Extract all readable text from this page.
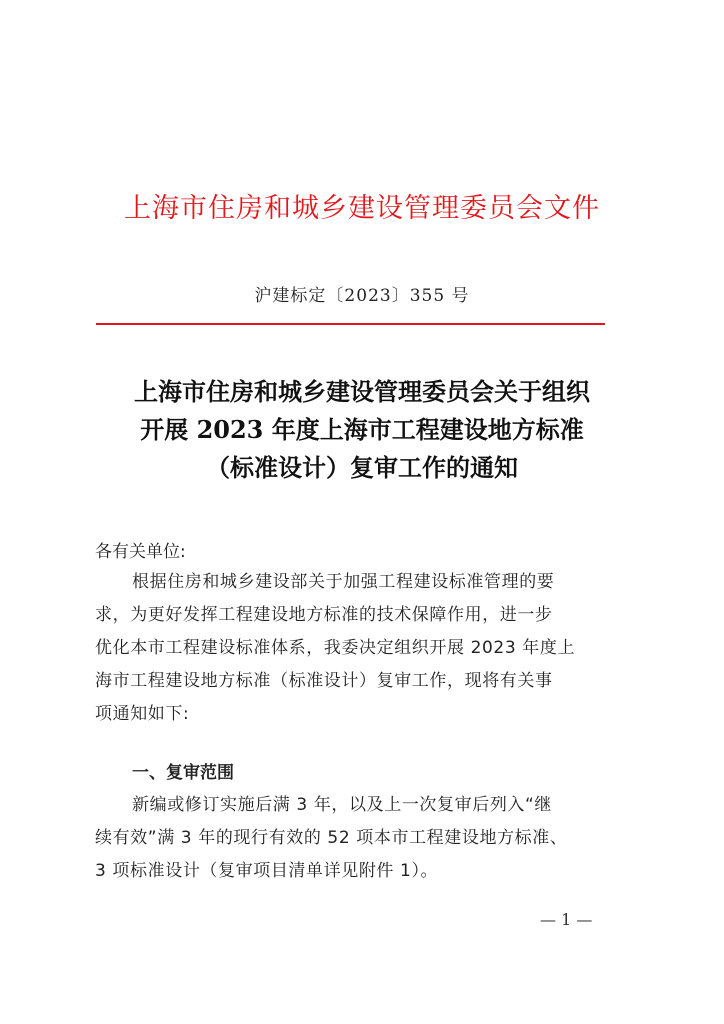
上海市住房和城乡建设管理委员会文件
沪建标定〔2023〕355 号
上海市住房和城乡建设管理委员会关于组织
开展 2023 年度上海市工程建设地方标准
（标准设计）复审工作的通知
各有关单位:
根据住房和城乡建设部关于加强工程建设标准管理的要
求，为更好发挥工程建设地方标准的技术保障作用，进一步
优化本市工程建设标准体系，我委决定组织开展 2023 年度上
海市工程建设地方标准（标准设计）复审工作，现将有关事
项通知如下:
一、复审范围
新编或修订实施后满 3 年，以及上一次复审后列入“继
续有效”满 3 年的现行有效的 52 项本市工程建设地方标准、
3 项标准设计（复审项目清单详见附件 1）。
— 1 —
